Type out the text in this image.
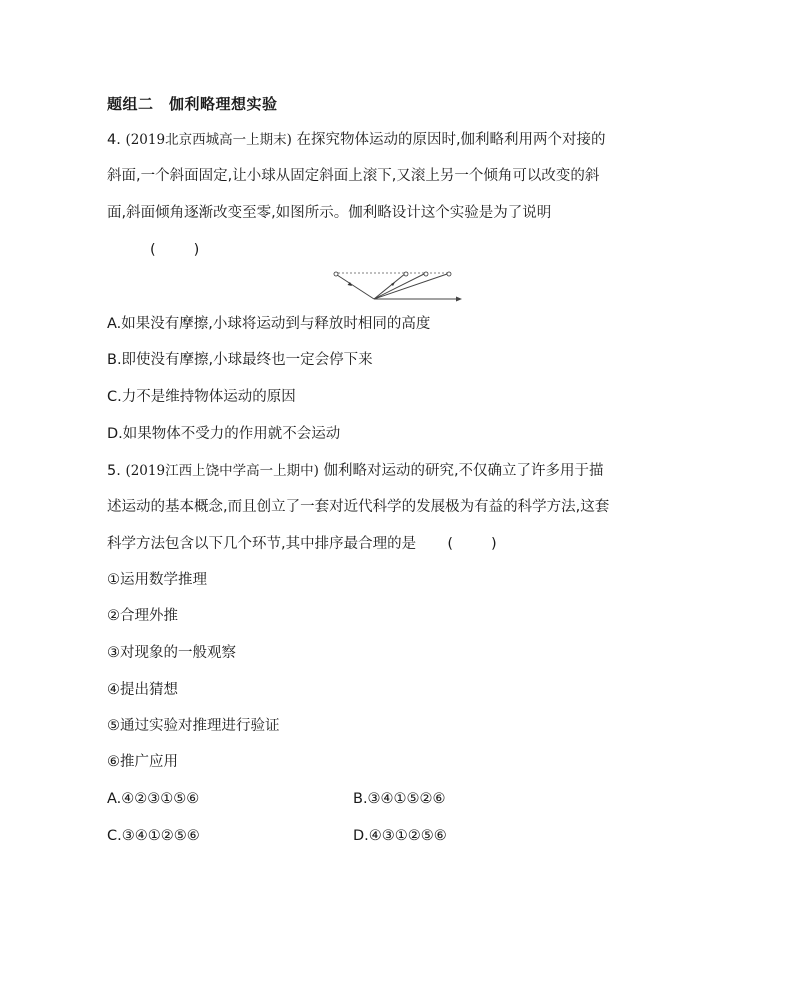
题组二　伽利略理想实验
4. (2019北京西城高一上期末) 在探究物体运动的原因时,伽利略利用两个对接的
斜面,一个斜面固定,让小球从固定斜面上滚下,又滚上另一个倾角可以改变的斜
面,斜面倾角逐渐改变至零,如图所示。伽利略设计这个实验是为了说明
(	)
A.如果没有摩擦,小球将运动到与释放时相同的高度
B.即使没有摩擦,小球最终也一定会停下来
C.力不是维持物体运动的原因
D.如果物体不受力的作用就不会运动
5. (2019江西上饶中学高一上期中) 伽利略对运动的研究,不仅确立了许多用于描
述运动的基本概念,而且创立了一套对近代科学的发展极为有益的科学方法,这套
科学方法包含以下几个环节,其中排序最合理的是 (	)
①运用数学推理
②合理外推
③对现象的一般观察
④提出猜想
⑤通过实验对推理进行验证
⑥推广应用
A.④②③①⑤⑥	B.③④①⑤②⑥
C.③④①②⑤⑥	D.④③①②⑤⑥
